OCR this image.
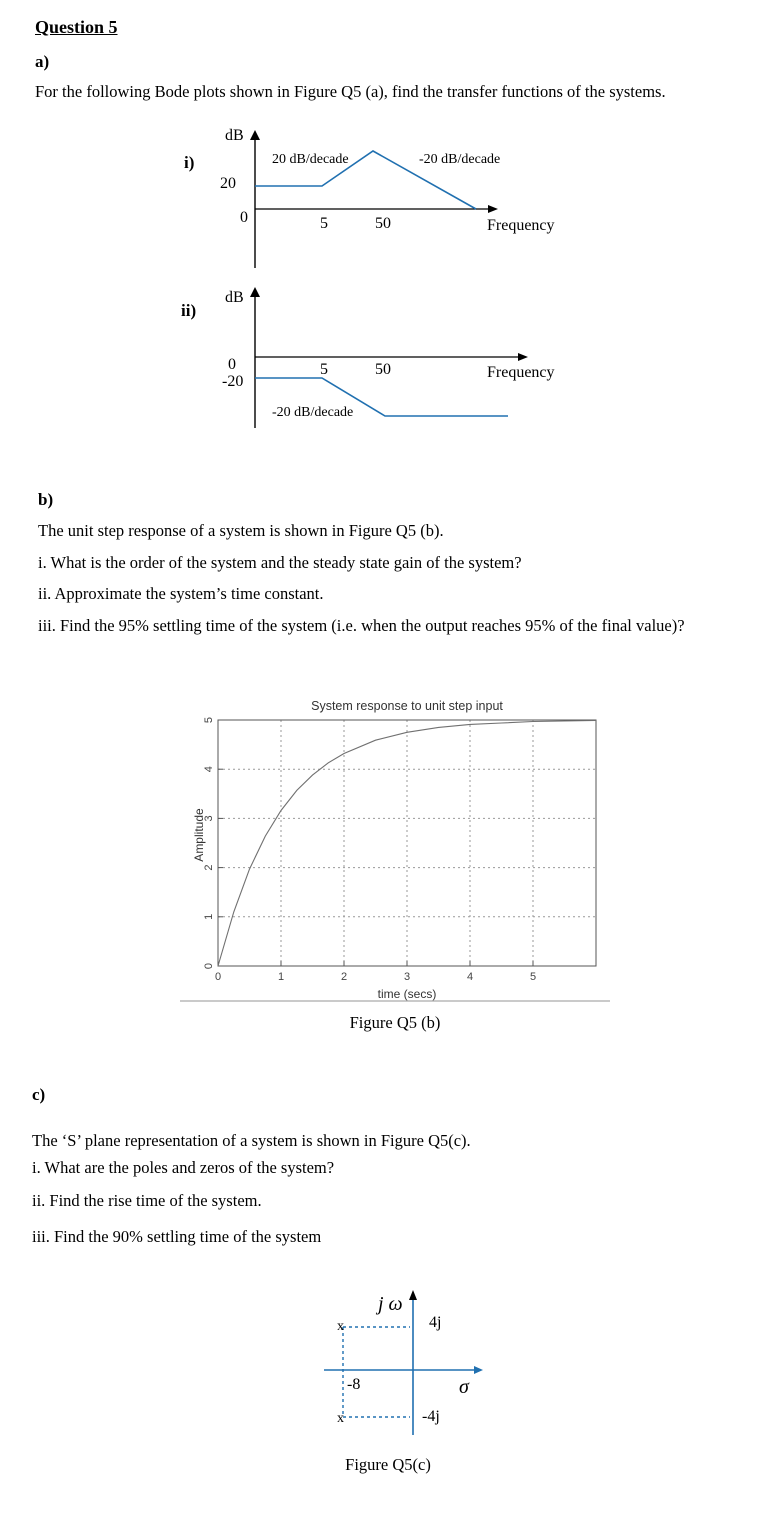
Question 5
a)
For the following Bode plots shown in Figure Q5 (a), find the transfer functions of the systems.
i)
dB
20
0
20 dB/decade	-20 dB/decade
5	50	Frequency
ii)
dB
0
-20
5	50	Frequency
-20 dB/decade
b)
The unit step response of a system is shown in Figure Q5 (b).
i. What is the order of the system and the steady state gain of the system?
ii. Approximate the system’s time constant.
iii. Find the 95% settling time of the system (i.e. when the output reaches 95% of the final value)?
System response to unit step input
0	1	2	3	4	5
0
1
2
3
4
5
Amplitude
time (secs)
Figure Q5 (b)
c)
The ‘S’ plane representation of a system is shown in Figure Q5(c).
i. What are the poles and zeros of the system?
ii. Find the rise time of the system.
iii. Find the 90% settling time of the system
j ω
σ
x
x
4j
-4j
-8
Figure Q5(c)
